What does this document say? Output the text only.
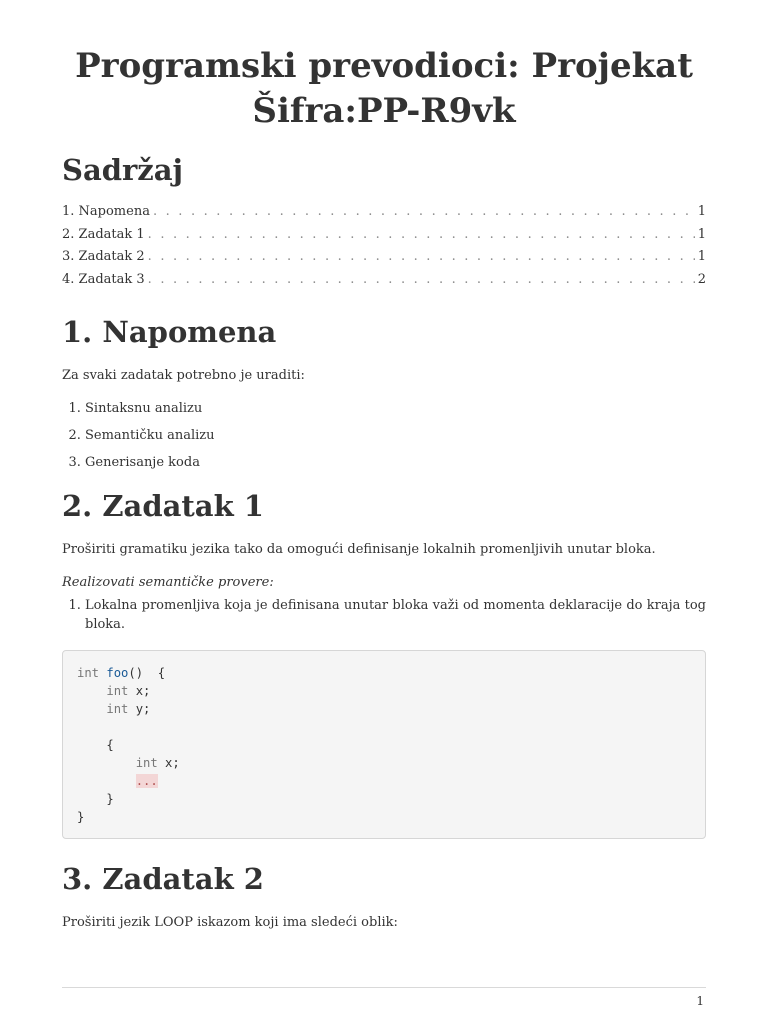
Programski prevodioci: Projekat
Šifra:PP-R9vk
Sadržaj
1. Napomena . . .	1
2. Zadatak 1 . . .	1
3. Zadatak 2 . . .	1
4. Zadatak 3 . . .	2
1. Napomena

Za svaki zadatak potrebno je uraditi:

1. Sintaksnu analizu
2. Semantičku analizu
3. Generisanje koda
2. Zadatak 1

Proširiti gramatiku jezika tako da omogući definisanje lokalnih promenljivih unutar bloka.

Realizovati semantičke provere:

1. Lokalna promenljiva koja je definisana unutar bloka važi od momenta deklaracije do kraja tog bloka.
int foo()  {
int x;
int y;

{
int x;
...
}
}
3. Zadatak 2

Proširiti jezik LOOP iskazom koji ima sledeći oblik:

1
